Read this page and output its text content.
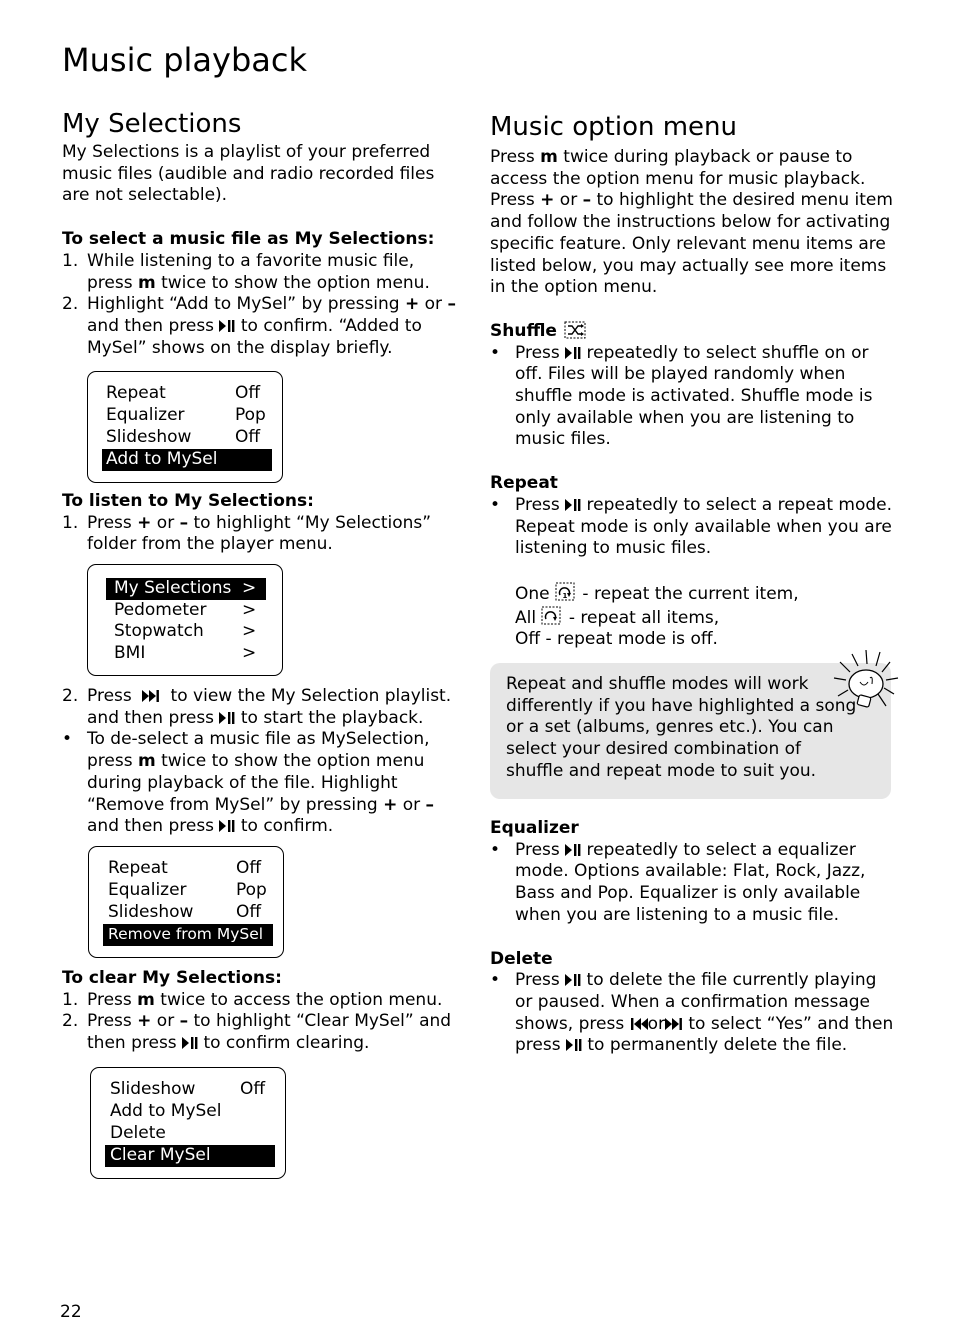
Music playback
My Selections

My Selections is a playlist of your preferred music files (audible and radio recorded files are not selectable).

To select a music file as My Selections:

1. While listening to a favorite music file, press m twice to show the option menu.
2. Highlight “Add to MySel” by pressing + or – and then press  to confirm. “Added to MySel” shows on the display briefly.
Repeat	Off
Equalizer	Pop
Slideshow	Off
Add to MySel

To listen to My Selections:

1. Press + or – to highlight “My Selections” folder from the player menu.
My Selections >
Pedometer >
Stopwatch >
BMI	>
2. Press  to view the My Selection playlist. and then press  to start the playback.
• To de-select a music file as MySelection, press m twice to show the option menu during playback of the file. Highlight “Remove from MySel” by pressing + or – and then press  to confirm.
Repeat	Off
Equalizer	Pop
Slideshow	Off
Remove from MySel

To clear My Selections:

1. Press m twice to access the option menu.
2. Press + or – to highlight “Clear MySel” and then press  to confirm clearing.
Slideshow	Off
Add to MySel
Delete
Clear MySel
Music option menu

Press m twice during playback or pause to access the option menu for music playback. Press + or – to highlight the desired menu item and follow the instructions below for activating specific feature. Only relevant menu items are listed below, you may actually see more items in the option menu.

Shuffle

• Press  repeatedly to select shuffle on or off. Files will be played randomly when shuffle mode is activated. Shuffle mode is only available when you are listening to music files.

Repeat

• Press  repeatedly to select a repeat mode. Repeat mode is only available when you are listening to music files.
One 1 - repeat the current item,
All  - repeat all items,
Off - repeat mode is off.

Repeat and shuffle modes will work differently if you have highlighted a song or a set (albums, genres etc.). You can select your desired combination of shuffle and repeat mode to suit you.

Equalizer

• Press  repeatedly to select a equalizer mode. Options available: Flat, Rock, Jazz, Bass and Pop. Equalizer is only available when you are listening to a music file.

Delete

• Press  to delete the file currently playing or paused. When a confirmation message shows, press or to select “Yes” and then press  to permanently delete the file.
22
